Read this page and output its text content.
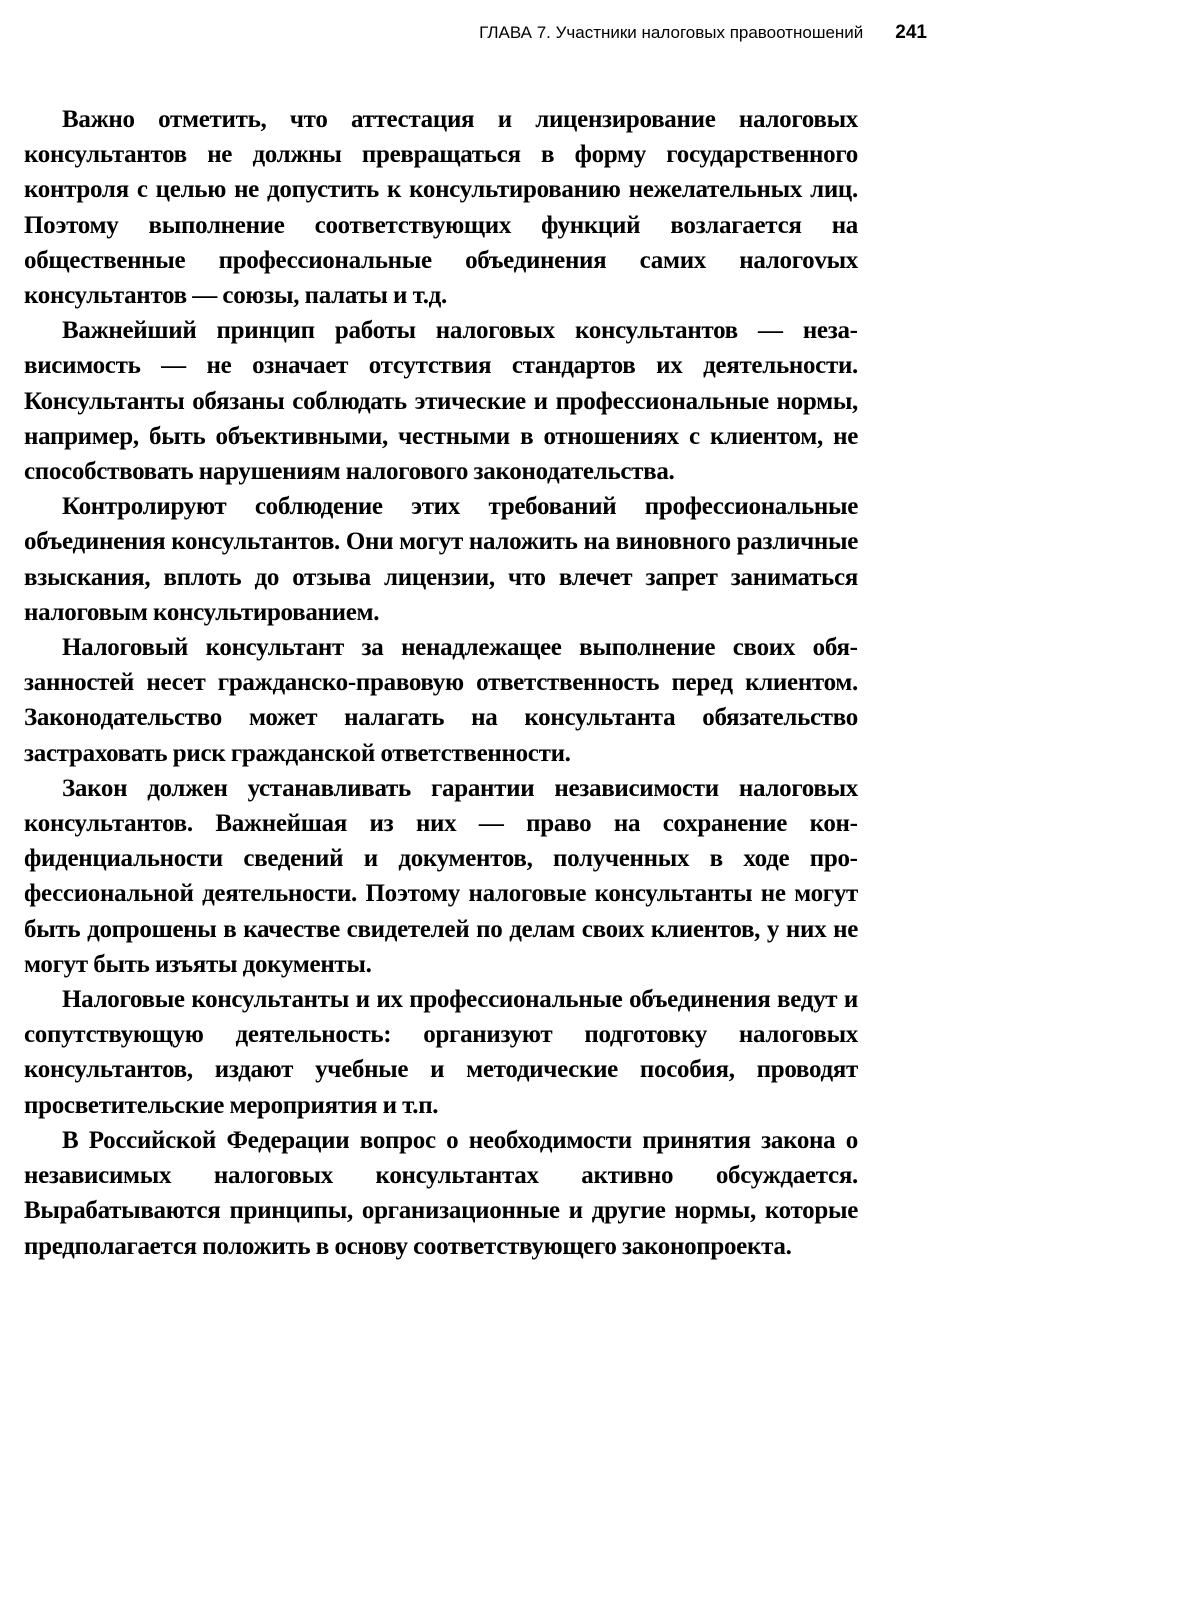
ГЛАВА 7. Участники налоговых правоотношений 241

Важно отметить, что аттестация и лицензирование налоговых консультантов не должны превращаться в форму государственного контроля с целью не допустить к консультированию нежелательных лиц. Поэтому выполнение соответствующих функций возлагается на общественные профессиональные объединения самих налогоvых консультантов — союзы, палаты и т.д.

Важнейший принцип работы налоговых консультантов — независимость — не означает отсутствия стандартов их деятельности. Консультанты обязаны соблюдать этические и профессиональные нормы, например, быть объективными, честными в отношениях с клиентом, не способствовать нарушениям налогового законодательства.

Контролируют соблюдение этих требований профессиональные объединения консультантов. Они могут наложить на виновного различные взыскания, вплоть до отзыва лицензии, что влечет запрет заниматься налоговым консультированием.

Налоговый консультант за ненадлежащее выполнение своих обязанностей несет гражданско-правовую ответственность перед клиентом. Законодательство может налагать на консультанта обязательство застраховать риск гражданской ответственности.

Закон должен устанавливать гарантии независимости налоговых консультантов. Важнейшая из них — право на сохранение конфиденциальности сведений и документов, полученных в ходе профессиональной деятельности. Поэтому налоговые консультанты не могут быть допрошены в качестве свидетелей по делам своих клиентов, у них не могут быть изъяты документы.

Налоговые консультанты и их профессиональные объединения ведут и сопутствующую деятельность: организуют подготовку налоговых консультантов, издают учебные и методические пособия, проводят просветительские мероприятия и т.п.

В Российской Федерации вопрос о необходимости принятия закона о независимых налоговых консультантах активно обсуждается. Вырабатываются принципы, организационные и другие нормы, которые предполагается положить в основу соответствующего законопроекта.
